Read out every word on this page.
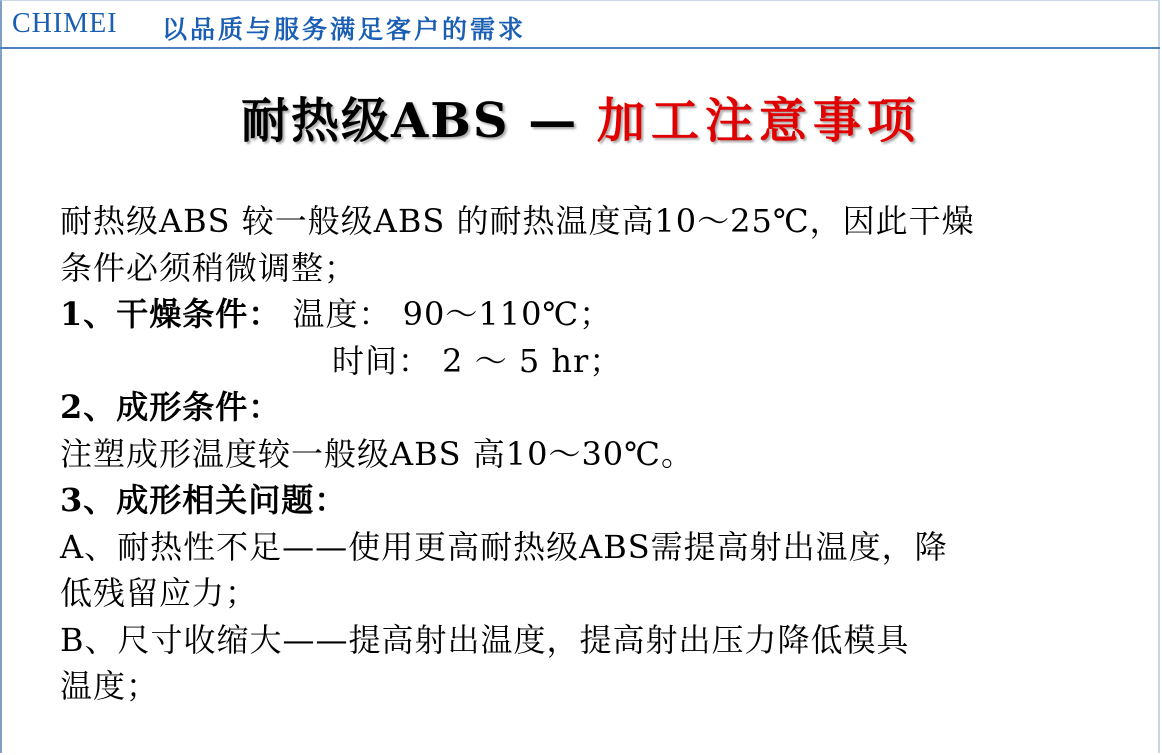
CHIMEI 以品质与服务满足客户的需求
耐热级ABS — 加工注意事项
耐热级ABS 较一般级ABS 的耐热温度高10～25℃，因此干燥
条件必须稍微调整；
1、干燥条件： 温度： 90～110℃；
时间： 2 ～ 5 hr；
2、成形条件：
注塑成形温度较一般级ABS 高10～30℃。
3、成形相关问题：
A、耐热性不足——使用更高耐热级ABS需提高射出温度，降
低残留应力；
B、尺寸收缩大——提高射出温度，提高射出压力降低模具
温度；
